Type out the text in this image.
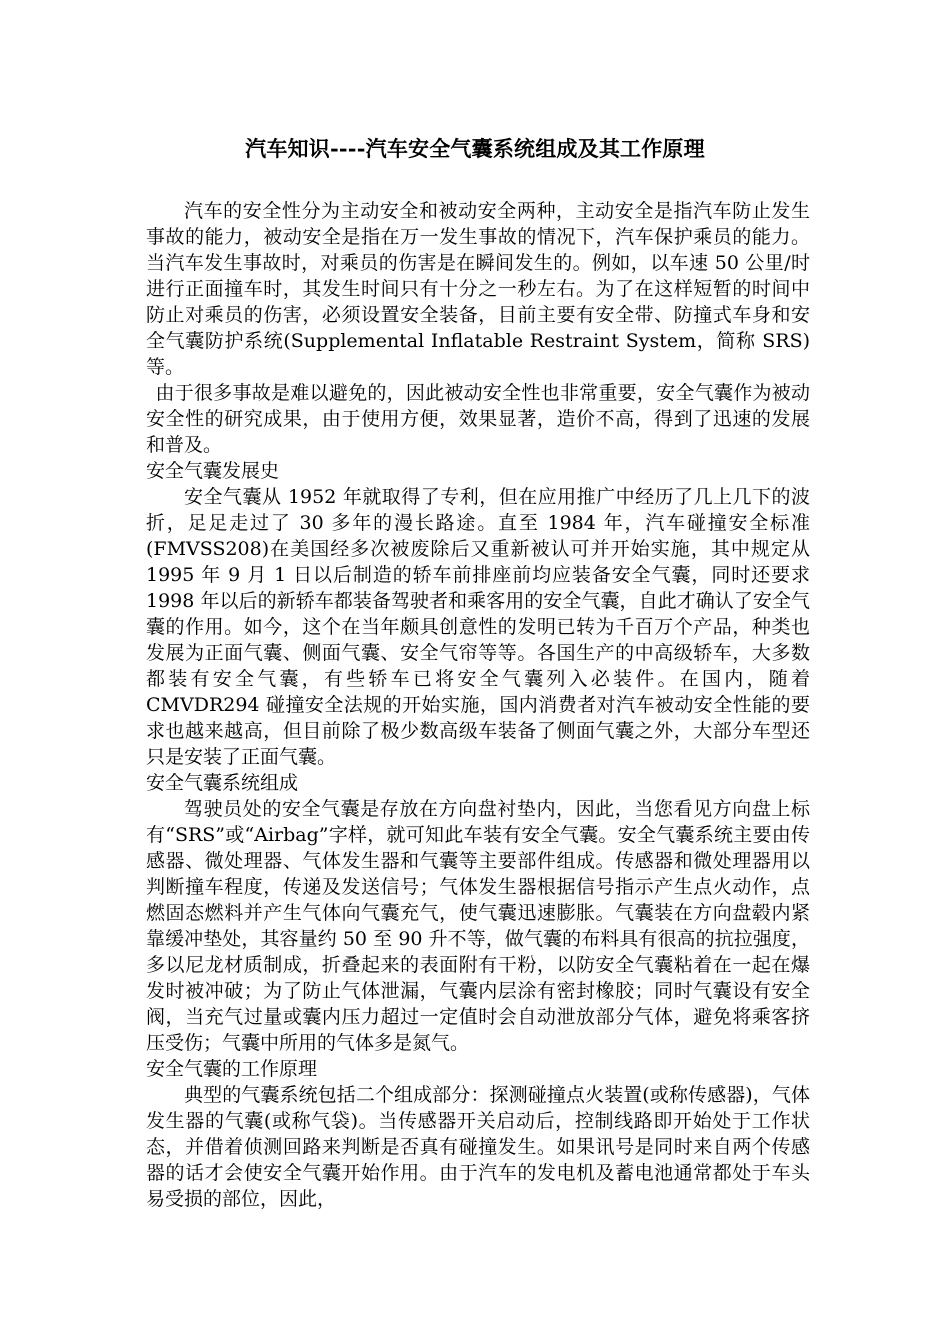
汽车知识----汽车安全气囊系统组成及其工作原理

汽车的安全性分为主动安全和被动安全两种，主动安全是指汽车防止发生事故的能力，被动安全是指在万一发生事故的情况下，汽车保护乘员的能力。当汽车发生事故时，对乘员的伤害是在瞬间发生的。例如，以车速 50 公里/时进行正面撞车时，其发生时间只有十分之一秒左右。为了在这样短暂的时间中防止对乘员的伤害，必须设置安全装备，目前主要有安全带、防撞式车身和安全气囊防护系统(Supplemental Inflatable Restraint System，简称 SRS)等。

由于很多事故是难以避免的，因此被动安全性也非常重要，安全气囊作为被动安全性的研究成果，由于使用方便，效果显著，造价不高，得到了迅速的发展和普及。

安全气囊发展史

安全气囊从 1952 年就取得了专利，但在应用推广中经历了几上几下的波折，足足走过了 30 多年的漫长路途。直至 1984 年，汽车碰撞安全标准(FMVSS208)在美国经多次被废除后又重新被认可并开始实施，其中规定从 1995 年 9 月 1 日以后制造的轿车前排座前均应装备安全气囊，同时还要求 1998 年以后的新轿车都装备驾驶者和乘客用的安全气囊，自此才确认了安全气囊的作用。如今，这个在当年颇具创意性的发明已转为千百万个产品，种类也发展为正面气囊、侧面气囊、安全气帘等等。各国生产的中高级轿车，大多数都装有安全气囊，有些轿车已将安全气囊列入必装件。在国内，随着 CMVDR294 碰撞安全法规的开始实施，国内消费者对汽车被动安全性能的要求也越来越高，但目前除了极少数高级车装备了侧面气囊之外，大部分车型还只是安装了正面气囊。

安全气囊系统组成

驾驶员处的安全气囊是存放在方向盘衬垫内，因此，当您看见方向盘上标有“SRS”或“Airbag”字样，就可知此车装有安全气囊。安全气囊系统主要由传感器、微处理器、气体发生器和气囊等主要部件组成。传感器和微处理器用以判断撞车程度，传递及发送信号；气体发生器根据信号指示产生点火动作，点燃固态燃料并产生气体向气囊充气，使气囊迅速膨胀。气囊装在方向盘毂内紧靠缓冲垫处，其容量约 50 至 90 升不等，做气囊的布料具有很高的抗拉强度，多以尼龙材质制成，折叠起来的表面附有干粉，以防安全气囊粘着在一起在爆发时被冲破；为了防止气体泄漏，气囊内层涂有密封橡胶；同时气囊设有安全阀，当充气过量或囊内压力超过一定值时会自动泄放部分气体，避免将乘客挤压受伤；气囊中所用的气体多是氮气。

安全气囊的工作原理

典型的气囊系统包括二个组成部分：探测碰撞点火装置(或称传感器)，气体发生器的气囊(或称气袋)。当传感器开关启动后，控制线路即开始处于工作状态，并借着侦测回路来判断是否真有碰撞发生。如果讯号是同时来自两个传感器的话才会使安全气囊开始作用。由于汽车的发电机及蓄电池通常都处于车头易受损的部位，因此，
